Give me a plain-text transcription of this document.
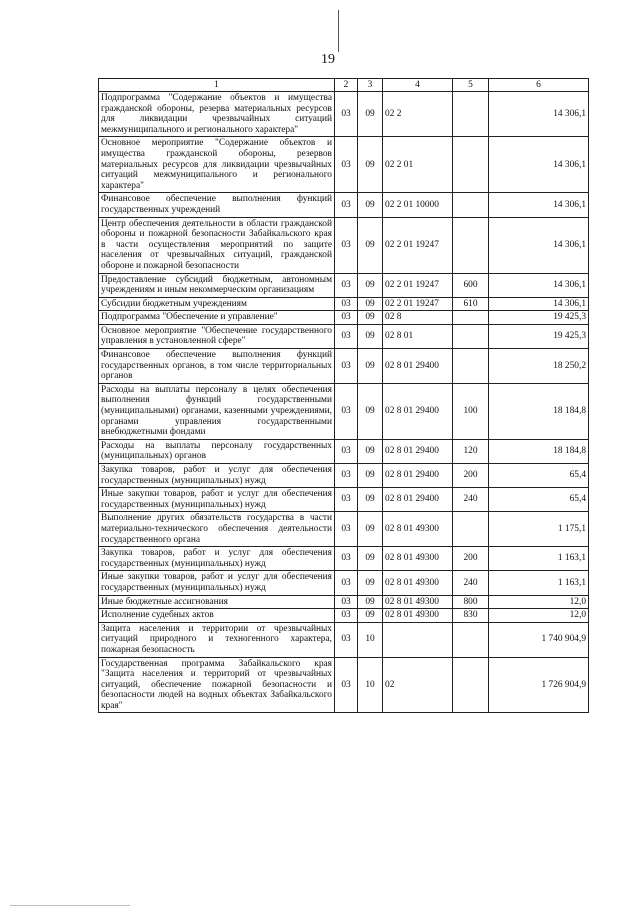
19
1	2	3	4	5	6
Подпрограмма "Содержание объектов и имущества гражданской обороны, резерва материальных ресурсов для ликвидации чрезвычайных ситуаций межмуниципального и регионального характера"	03	09	02 2		14 306,1
Основное мероприятие "Содержание объектов и имущества гражданской обороны, резервов материальных ресурсов для ликвидации чрезвычайных ситуаций межмуниципального и регионального характера"	03	09	02 2 01		14 306,1
Финансовое обеспечение выполнения функций государственных учреждений	03	09	02 2 01 10000		14 306,1
Центр обеспечения деятельности в области гражданской обороны и пожарной безопасности Забайкальского края в части осуществления мероприятий по защите населения от чрезвычайных ситуаций, гражданской обороне и пожарной безопасности	03	09	02 2 01 19247		14 306,1
Предоставление субсидий бюджетным, автономным учреждениям и иным некоммерческим организациям	03	09	02 2 01 19247	600	14 306,1
Субсидии бюджетным учреждениям	03	09	02 2 01 19247	610	14 306,1
Подпрограмма "Обеспечение и управление"	03	09	02 8		19 425,3
Основное мероприятие "Обеспечение государственного управления в установленной сфере"	03	09	02 8 01		19 425,3
Финансовое обеспечение выполнения функций государственных органов, в том числе территориальных органов	03	09	02 8 01 29400		18 250,2
Расходы на выплаты персоналу в целях обеспечения выполнения функций государственными (муниципальными) органами, казенными учреждениями, органами управления государственными внебюджетными фондами	03	09	02 8 01 29400	100	18 184,8
Расходы на выплаты персоналу государственных (муниципальных) органов	03	09	02 8 01 29400	120	18 184,8
Закупка товаров, работ и услуг для обеспечения государственных (муниципальных) нужд	03	09	02 8 01 29400	200	65,4
Иные закупки товаров, работ и услуг для обеспечения государственных (муниципальных) нужд	03	09	02 8 01 29400	240	65,4
Выполнение других обязательств государства в части материально-технического обеспечения деятельности государственного органа	03	09	02 8 01 49300		1 175,1
Закупка товаров, работ и услуг для обеспечения государственных (муниципальных) нужд	03	09	02 8 01 49300	200	1 163,1
Иные закупки товаров, работ и услуг для обеспечения государственных (муниципальных) нужд	03	09	02 8 01 49300	240	1 163,1
Иные бюджетные ассигнования	03	09	02 8 01 49300	800	12,0
Исполнение судебных актов	03	09	02 8 01 49300	830	12,0
Защита населения и территории от чрезвычайных ситуаций природного и техногенного характера, пожарная безопасность	03	10			1 740 904,9
Государственная программа Забайкальского края "Защита населения и территорий от чрезвычайных ситуаций, обеспечение пожарной безопасности и безопасности людей на водных объектах Забайкальского края"	03	10	02		1 726 904,9
